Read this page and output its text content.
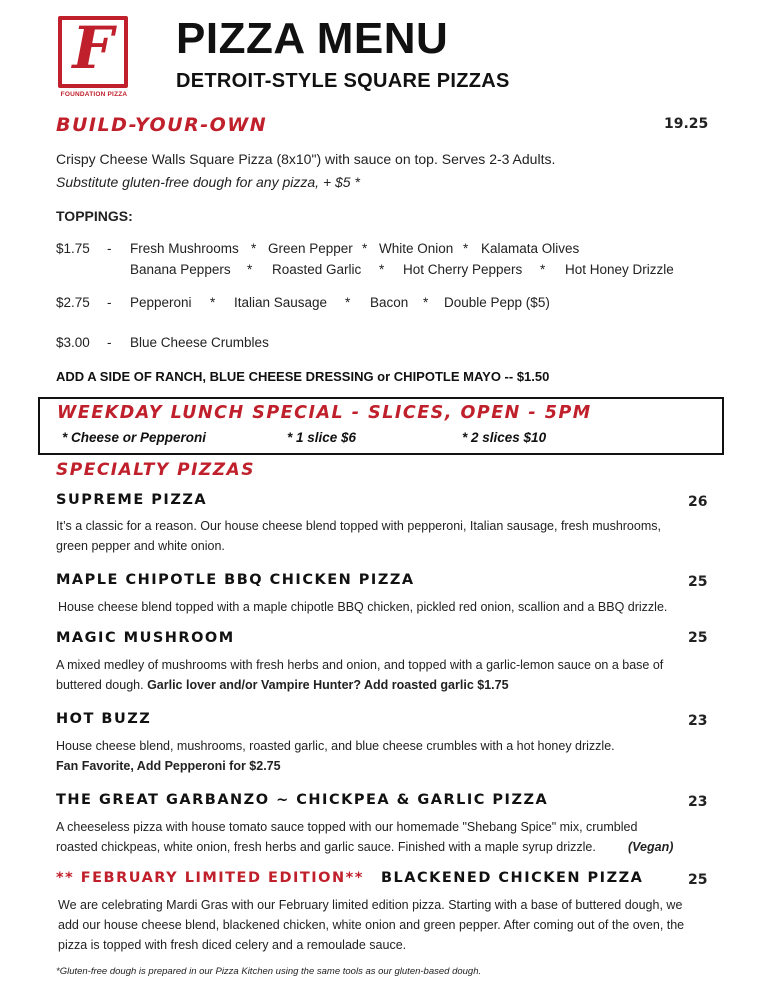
F
FOUNDATION PIZZA
PIZZA MENU
DETROIT-STYLE SQUARE PIZZAS
BUILD-YOUR-OWN	19.25
Crispy Cheese Walls Square Pizza (8x10") with sauce on top. Serves 2-3 Adults.
Substitute gluten-free dough for any pizza, + $5 *
TOPPINGS:
$1.75 - Fresh Mushrooms * Green Pepper * White Onion * Kalamata Olives
Banana Peppers * Roasted Garlic * Hot Cherry Peppers * Hot Honey Drizzle
$2.75 - Pepperoni * Italian Sausage * Bacon * Double Pepp ($5)
$3.00 - Blue Cheese Crumbles
ADD A SIDE OF RANCH, BLUE CHEESE DRESSING or CHIPOTLE MAYO -- $1.50
WEEKDAY LUNCH SPECIAL - SLICES, OPEN - 5PM
* Cheese or Pepperoni	* 1 slice $6	* 2 slices $10
SPECIALTY PIZZAS
SUPREME PIZZA	26
It’s a classic for a reason. Our house cheese blend topped with pepperoni, Italian sausage, fresh mushrooms,
green pepper and white onion.
MAPLE CHIPOTLE BBQ CHICKEN PIZZA	25
House cheese blend topped with a maple chipotle BBQ chicken, pickled red onion, scallion and a BBQ drizzle.
MAGIC MUSHROOM	25
A mixed medley of mushrooms with fresh herbs and onion, and topped with a garlic-lemon sauce on a base of
buttered dough. Garlic lover and/or Vampire Hunter? Add roasted garlic $1.75
HOT BUZZ	23
House cheese blend, mushrooms, roasted garlic, and blue cheese crumbles with a hot honey drizzle.
Fan Favorite, Add Pepperoni for $2.75
THE GREAT GARBANZO ~ CHICKPEA & GARLIC PIZZA	23
A cheeseless pizza with house tomato sauce topped with our homemade "Shebang Spice" mix, crumbled
roasted chickpeas, white onion, fresh herbs and garlic sauce. Finished with a maple syrup drizzle.	(Vegan)
** FEBRUARY LIMITED EDITION** BLACKENED CHICKEN PIZZA	25
We are celebrating Mardi Gras with our February limited edition pizza. Starting with a base of buttered dough, we
add our house cheese blend, blackened chicken, white onion and green pepper. After coming out of the oven, the
pizza is topped with fresh diced celery and a remoulade sauce.
*Gluten-free dough is prepared in our Pizza Kitchen using the same tools as our gluten-based dough.
